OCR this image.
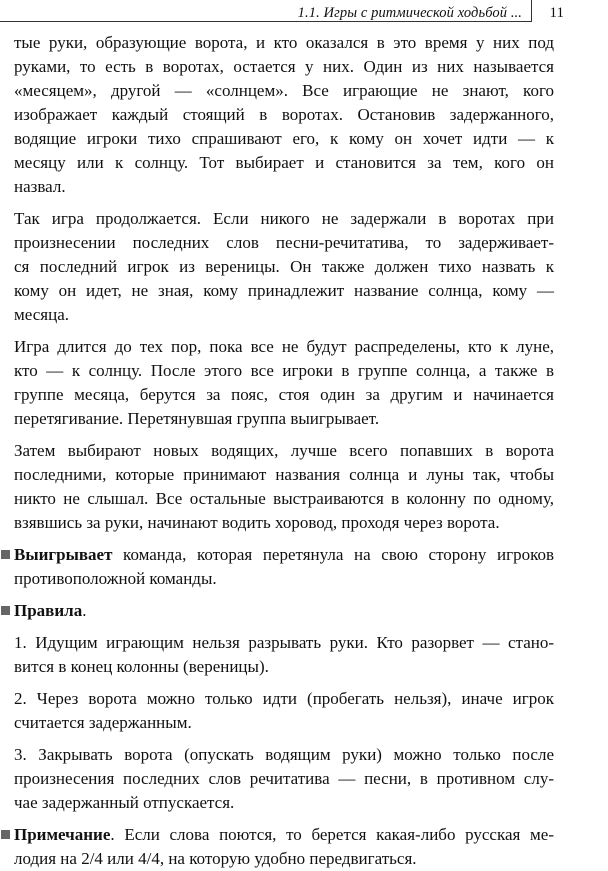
1.1. Игры с ритмической ходьбой ... 11

тые руки, образующие ворота, и кто оказался в это время у них под
руками, то есть в воротах, остается у них. Один из них называется
«месяцем», другой — «солнцем». Все играющие не знают, кого
изображает каждый стоящий в воротах. Остановив задержанного,
водящие игроки тихо спрашивают его, к кому он хочет идти — к
месяцу или к солнцу. Тот выбирает и становится за тем, кого он
назвал.

Так игра продолжается. Если никого не задержали в воротах при
произнесении последних слов песни-речитатива, то задерживает-
ся последний игрок из вереницы. Он также должен тихо назвать к
кому он идет, не зная, кому принадлежит название солнца, кому —
месяца.

Игра длится до тех пор, пока все не будут распределены, кто к луне,
кто — к солнцу. После этого все игроки в группе солнца, а также в
группе месяца, берутся за пояс, стоя один за другим и начинается
перетягивание. Перетянувшая группа выигрывает.

Затем выбирают новых водящих, лучше всего попавших в ворота
последними, которые принимают названия солнца и луны так, чтобы
никто не слышал. Все остальные выстраиваются в колонну по одному,
взявшись за руки, начинают водить хоровод, проходя через ворота.

Выигрывает команда, которая перетянула на свою сторону игроков
противоположной команды.

Правила.

1. Идущим играющим нельзя разрывать руки. Кто разорвет — стано-
вится в конец колонны (вереницы).

2. Через ворота можно только идти (пробегать нельзя), иначе игрок
считается задержанным.

3. Закрывать ворота (опускать водящим руки) можно только после
произнесения последних слов речитатива — песни, в противном слу-
чае задержанный отпускается.

Примечание. Если слова поются, то берется какая-либо русская ме-
лодия на 2/4 или 4/4, на которую удобно передвигаться.
